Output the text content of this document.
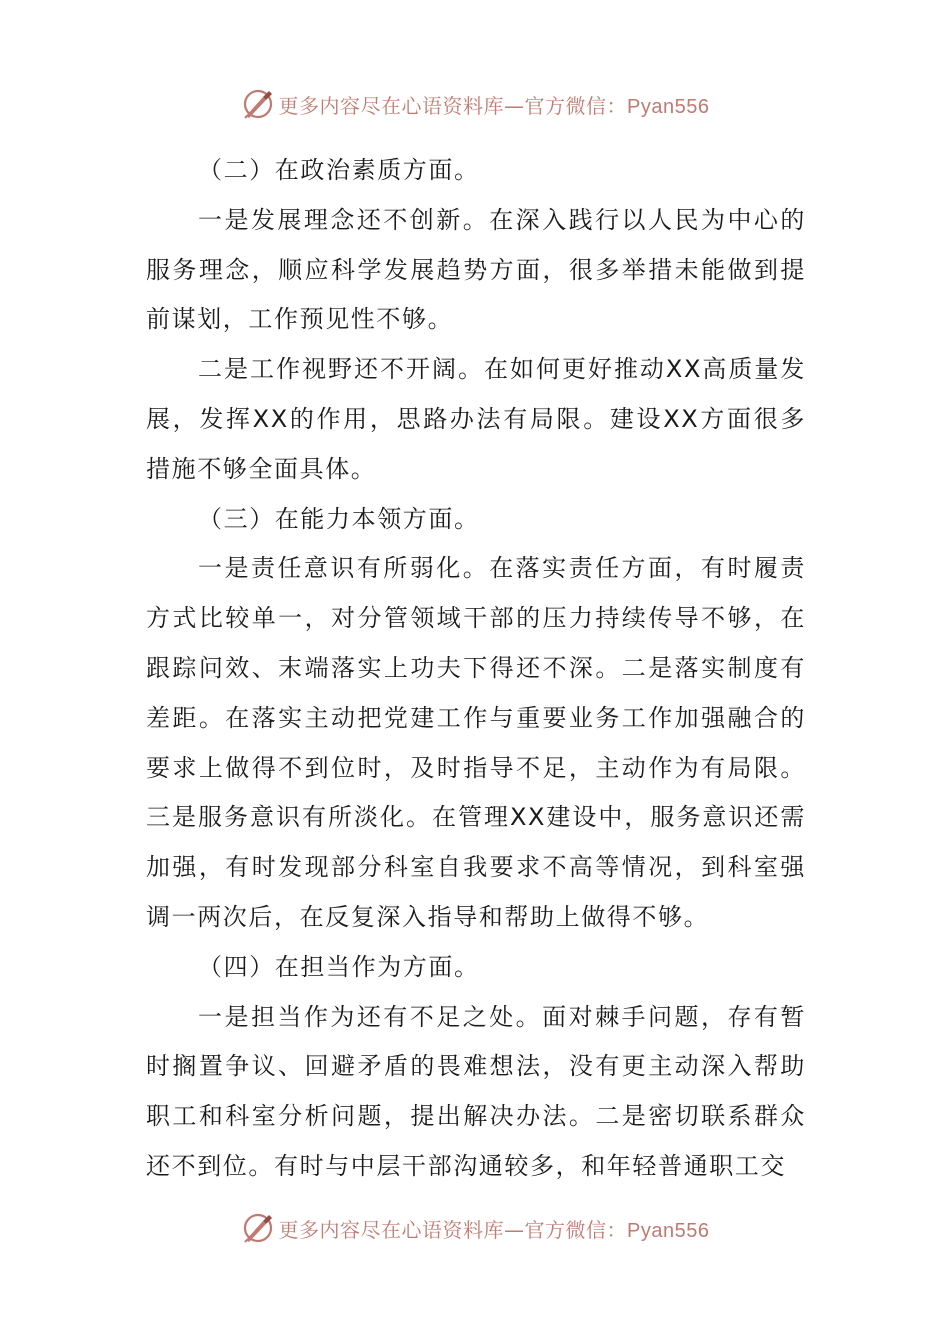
更多内容尽在心语资料库—官方微信：Pyan556

（二）在政治素质方面。

一是发展理念还不创新。在深入践行以人民为中心的服务理念，顺应科学发展趋势方面，很多举措未能做到提前谋划，工作预见性不够。

二是工作视野还不开阔。在如何更好推动XX高质量发展，发挥XX的作用，思路办法有局限。建设XX方面很多措施不够全面具体。

（三）在能力本领方面。

一是责任意识有所弱化。在落实责任方面，有时履责方式比较单一，对分管领域干部的压力持续传导不够，在跟踪问效、末端落实上功夫下得还不深。二是落实制度有差距。在落实主动把党建工作与重要业务工作加强融合的要求上做得不到位时，及时指导不足，主动作为有局限。三是服务意识有所淡化。在管理XX建设中，服务意识还需加强，有时发现部分科室自我要求不高等情况，到科室强调一两次后，在反复深入指导和帮助上做得不够。

（四）在担当作为方面。

一是担当作为还有不足之处。面对棘手问题，存有暂时搁置争议、回避矛盾的畏难想法，没有更主动深入帮助职工和科室分析问题，提出解决办法。二是密切联系群众还不到位。有时与中层干部沟通较多，和年轻普通职工交

更多内容尽在心语资料库—官方微信：Pyan556
